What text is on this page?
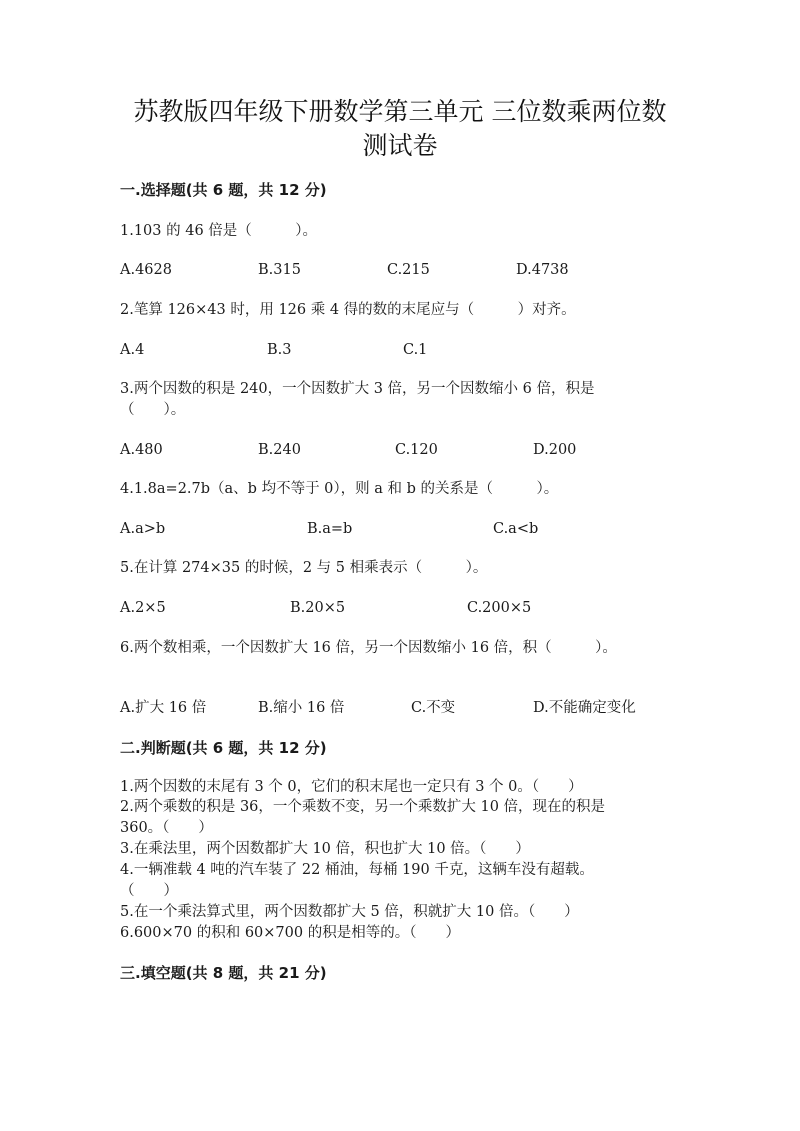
苏教版四年级下册数学第三单元 三位数乘两位数
测试卷
一.选择题(共 6 题，共 12 分)
1.103 的 46 倍是（　　　）。
A.4628	B.315	C.215	D.4738
2.笔算 126×43 时，用 126 乘 4 得的数的末尾应与（　　　）对齐。
A.4	B.3	C.1
3.两个因数的积是 240，一个因数扩大 3 倍，另一个因数缩小 6 倍，积是
（　　）。
A.480	B.240	C.120	D.200
4.1.8a=2.7b（a、b 均不等于 0），则 a 和 b 的关系是（　　　）。
A.a>b	B.a=b	C.a<b
5.在计算 274×35 的时候，2 与 5 相乘表示（　　　）。
A.2×5	B.20×5	C.200×5
6.两个数相乘，一个因数扩大 16 倍，另一个因数缩小 16 倍，积（　　　）。
A.扩大 16 倍	B.缩小 16 倍	C.不变	D.不能确定变化
二.判断题(共 6 题，共 12 分)
1.两个因数的末尾有 3 个 0，它们的积末尾也一定只有 3 个 0。（　　）
2.两个乘数的积是 36，一个乘数不变，另一个乘数扩大 10 倍，现在的积是
360。（　　）
3.在乘法里，两个因数都扩大 10 倍，积也扩大 10 倍。（　　）
4.一辆准载 4 吨的汽车装了 22 桶油，每桶 190 千克，这辆车没有超载。
（　　）
5.在一个乘法算式里，两个因数都扩大 5 倍，积就扩大 10 倍。（　　）
6.600×70 的积和 60×700 的积是相等的。（　　）
三.填空题(共 8 题，共 21 分)
